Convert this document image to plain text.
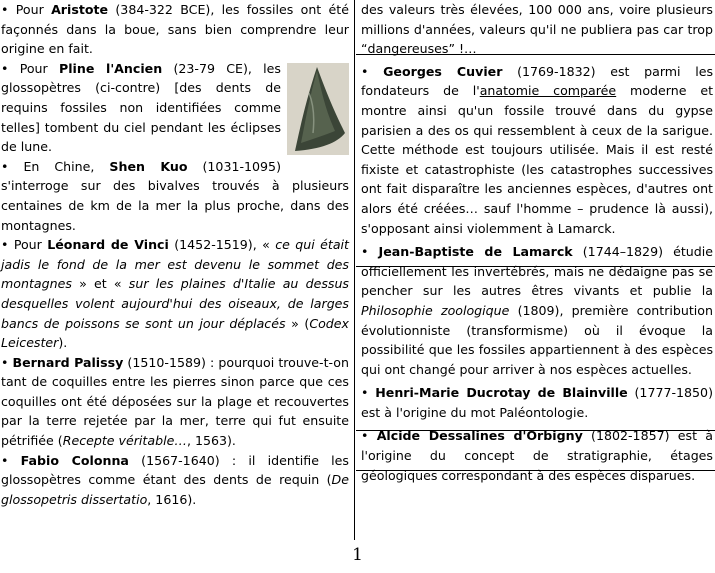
• Pour Aristote (384-322 BCE), les fossiles ont été façonnés dans la boue, sans bien comprendre leur origine en fait.

• Pour Pline l'Ancien (23-79 CE), les glossopètres (ci-contre) [des dents de requins fossiles non identifiées comme telles] tombent du ciel pendant les éclipses de lune.

• En Chine, Shen Kuo (1031-1095) s'interroge sur des bivalves trouvés à plusieurs centaines de km de la mer la plus proche, dans des montagnes.

• Pour Léonard de Vinci (1452-1519), « ce qui était jadis le fond de la mer est devenu le sommet des montagnes » et « sur les plaines d'Italie au dessus desquelles volent aujourd'hui des oiseaux, de larges bancs de poissons se sont un jour déplacés » (Codex Leicester).

• Bernard Palissy (1510-1589) : pourquoi trouve-t-on tant de coquilles entre les pierres sinon parce que ces coquilles ont été déposées sur la plage et recouvertes par la terre rejetée par la mer, terre qui fut ensuite pétrifiée (Recepte véritable…, 1563).

• Fabio Colonna (1567-1640) : il identifie les glossopètres comme étant des dents de requin (De glossopetris dissertatio, 1616).

des valeurs très élevées, 100 000 ans, voire plusieurs millions d'années, valeurs qu'il ne publiera pas car trop “dangereuses” !…

• Georges Cuvier (1769-1832) est parmi les fondateurs de l'anatomie comparée moderne et montre ainsi qu'un fossile trouvé dans du gypse parisien a des os qui ressemblent à ceux de la sarigue. Cette méthode est toujours utilisée. Mais il est resté fixiste et catastrophiste (les catastrophes successives ont fait disparaître les anciennes espèces, d'autres ont alors été créées… sauf l'homme – prudence là aussi), s'opposant ainsi violemment à Lamarck.

• Jean-Baptiste de Lamarck (1744–1829) étudie officiellement les invertébrés, mais ne dédaigne pas se pencher sur les autres êtres vivants et publie la Philosophie zoologique (1809), première contribution évolutionniste (transformisme) où il évoque la possibilité que les fossiles appartiennent à des espèces qui ont changé pour arriver à nos espèces actuelles.

• Henri-Marie Ducrotay de Blainville (1777-1850) est à l'origine du mot Paléontologie.

• Alcide Dessalines d'Orbigny (1802-1857) est à l'origine du concept de stratigraphie, étages géologiques correspondant à des espèces disparues.

1
